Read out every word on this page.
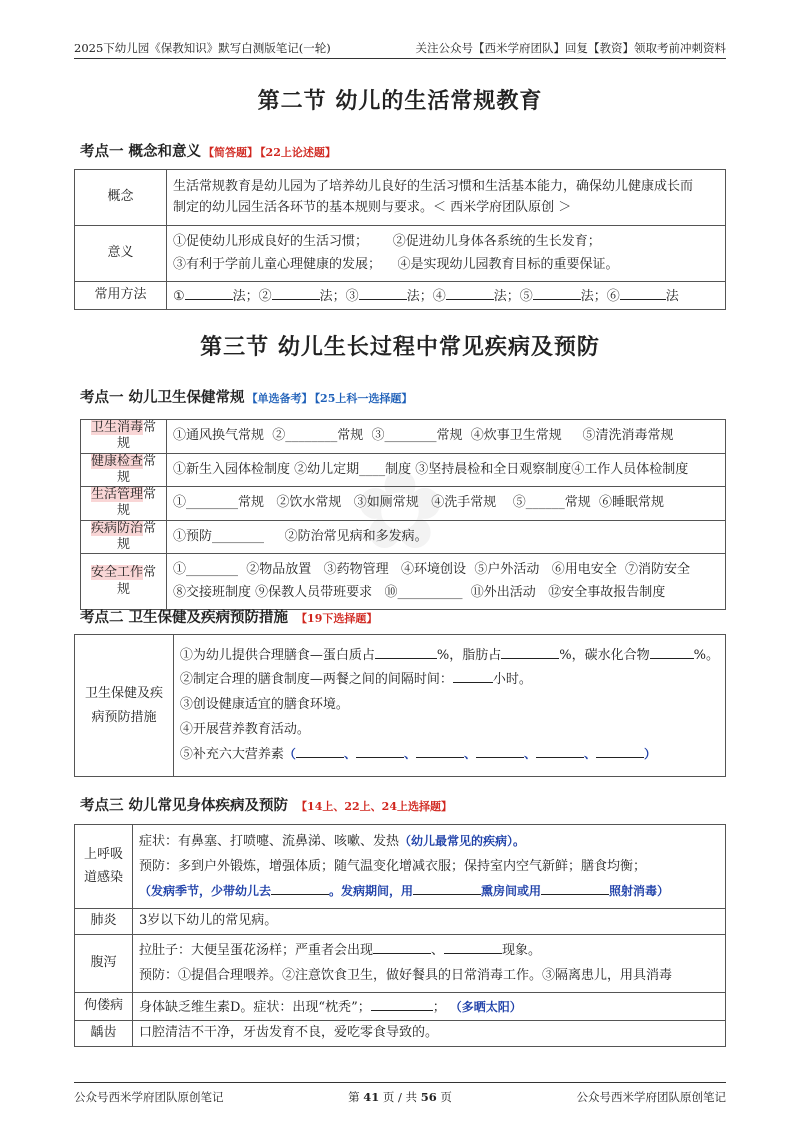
2025下幼儿园《保教知识》默写白测版笔记(一轮)	关注公众号【西米学府团队】回复【教资】领取考前冲刺资料
第二节 幼儿的生活常规教育
考点一 概念和意义 【简答题】 【22上论述题】
概念	生活常规教育是幼儿园为了培养幼儿良好的生活习惯和生活基本能力，确保幼儿健康成长而
制定的幼儿园生活各环节的基本规则与要求。＜ 西米学府团队原创 ＞

意义	①促使幼儿形成良好的生活习惯；      ②促进幼儿身体各系统的生长发育；
③有利于学前儿童心理健康的发展；    ④是实现幼儿园教育目标的重要保证。

常用方法	① 法；② 法；③ 法；④ 法；⑤ 法；⑥ 法
第三节 幼儿生长过程中常见疾病及预防
考点一 幼儿卫生保健常规 【单选备考】 【25上科一选择题】
卫生消毒常规	①通风换气常规  ②________常规  ③________常规  ④炊事卫生常规     ⑤清洗消毒常规
健康检查常规	①新生入园体检制度 ②幼儿定期____制度 ③坚持晨检和全日观察制度④工作人员体检制度
生活管理常规	①________常规   ②饮水常规   ③如厕常规   ④洗手常规    ⑤______常规  ⑥睡眠常规
疾病防治常规	①预防________     ②防治常见病和多发病。
安全工作常规	①________  ②物品放置   ③药物管理   ④环境创设  ⑤户外活动   ⑥用电安全  ⑦消防安全
⑧交接班制度 ⑨保教人员带班要求   ⑩__________  ⑪外出活动   ⑫安全事故报告制度
考点二 卫生保健及疾病预防措施 【19下选择题】
卫生保健及疾病预防措施	
①为幼儿提供合理膳食—蛋白质占	%，脂肪占	%，碳水化合物	%。
②制定合理的膳食制度—两餐之间的间隔时间：	小时。
③创设健康适宜的膳食环境。
④开展营养教育活动。
⑤补充六大营养素（	、	、	、	、	、	）
考点三 幼儿常见身体疾病及预防 【14上、22上、24上选择题】
上呼吸道感染	症状：有鼻塞、打喷嚏、流鼻涕、咳嗽、发热（幼儿最常见的疾病）。
预防：多到户外锻炼，增强体质；随气温变化增减衣服；保持室内空气新鲜；膳食均衡；
（发病季节，少带幼儿去 。发病期间，用 熏房间或用 照射消毒）

肺炎	3岁以下幼儿的常见病。
腹泻	拉肚子：大便呈蛋花汤样；严重者会出现 、 现象。
预防：①提倡合理喂养。②注意饮食卫生，做好餐具的日常消毒工作。③隔离患儿，用具消毒

佝偻病	身体缺乏维生素D。症状：出现“枕秃”； ； （多晒太阳）
龋齿	口腔清洁不干净，牙齿发育不良，爱吃零食导致的。
公众号西米学府团队原创笔记	第 41 页 / 共 56 页	公众号西米学府团队原创笔记
